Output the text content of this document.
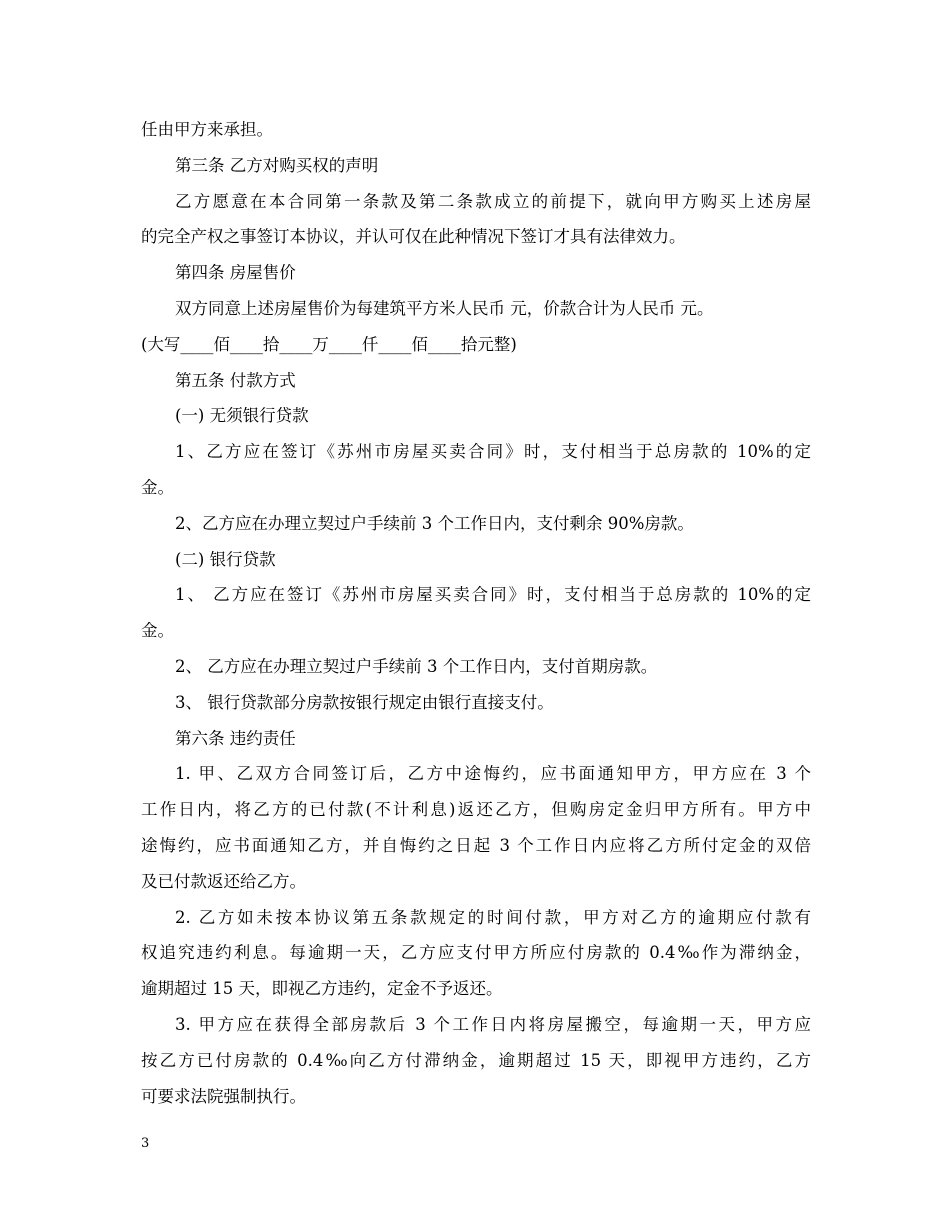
任由甲方来承担。
第三条 乙方对购买权的声明
乙方愿意在本合同第一条款及第二条款成立的前提下，就向甲方购买上述房屋
的完全产权之事签订本协议，并认可仅在此种情况下签订才具有法律效力。
第四条 房屋售价
双方同意上述房屋售价为每建筑平方米人民币 元，价款合计为人民币 元。
(大写____佰____拾____万____仟____佰____拾元整)
第五条 付款方式
(一) 无须银行贷款
1、乙方应在签订《苏州市房屋买卖合同》时，支付相当于总房款的 10%的定
金。
2、乙方应在办理立契过户手续前 3 个工作日内，支付剩余 90%房款。
(二) 银行贷款
1、 乙方应在签订《苏州市房屋买卖合同》时，支付相当于总房款的 10%的定
金。
2、 乙方应在办理立契过户手续前 3 个工作日内，支付首期房款。
3、 银行贷款部分房款按银行规定由银行直接支付。
第六条 违约责任
1. 甲、乙双方合同签订后，乙方中途悔约，应书面通知甲方，甲方应在 3 个
工作日内，将乙方的已付款(不计利息)返还乙方，但购房定金归甲方所有。甲方中
途悔约，应书面通知乙方，并自悔约之日起 3 个工作日内应将乙方所付定金的双倍
及已付款返还给乙方。
2. 乙方如未按本协议第五条款规定的时间付款，甲方对乙方的逾期应付款有
权追究违约利息。每逾期一天，乙方应支付甲方所应付房款的 0.4‰作为滞纳金，
逾期超过 15 天，即视乙方违约，定金不予返还。
3. 甲方应在获得全部房款后 3 个工作日内将房屋搬空，每逾期一天，甲方应
按乙方已付房款的 0.4‰向乙方付滞纳金，逾期超过 15 天，即视甲方违约，乙方
可要求法院强制执行。
3
